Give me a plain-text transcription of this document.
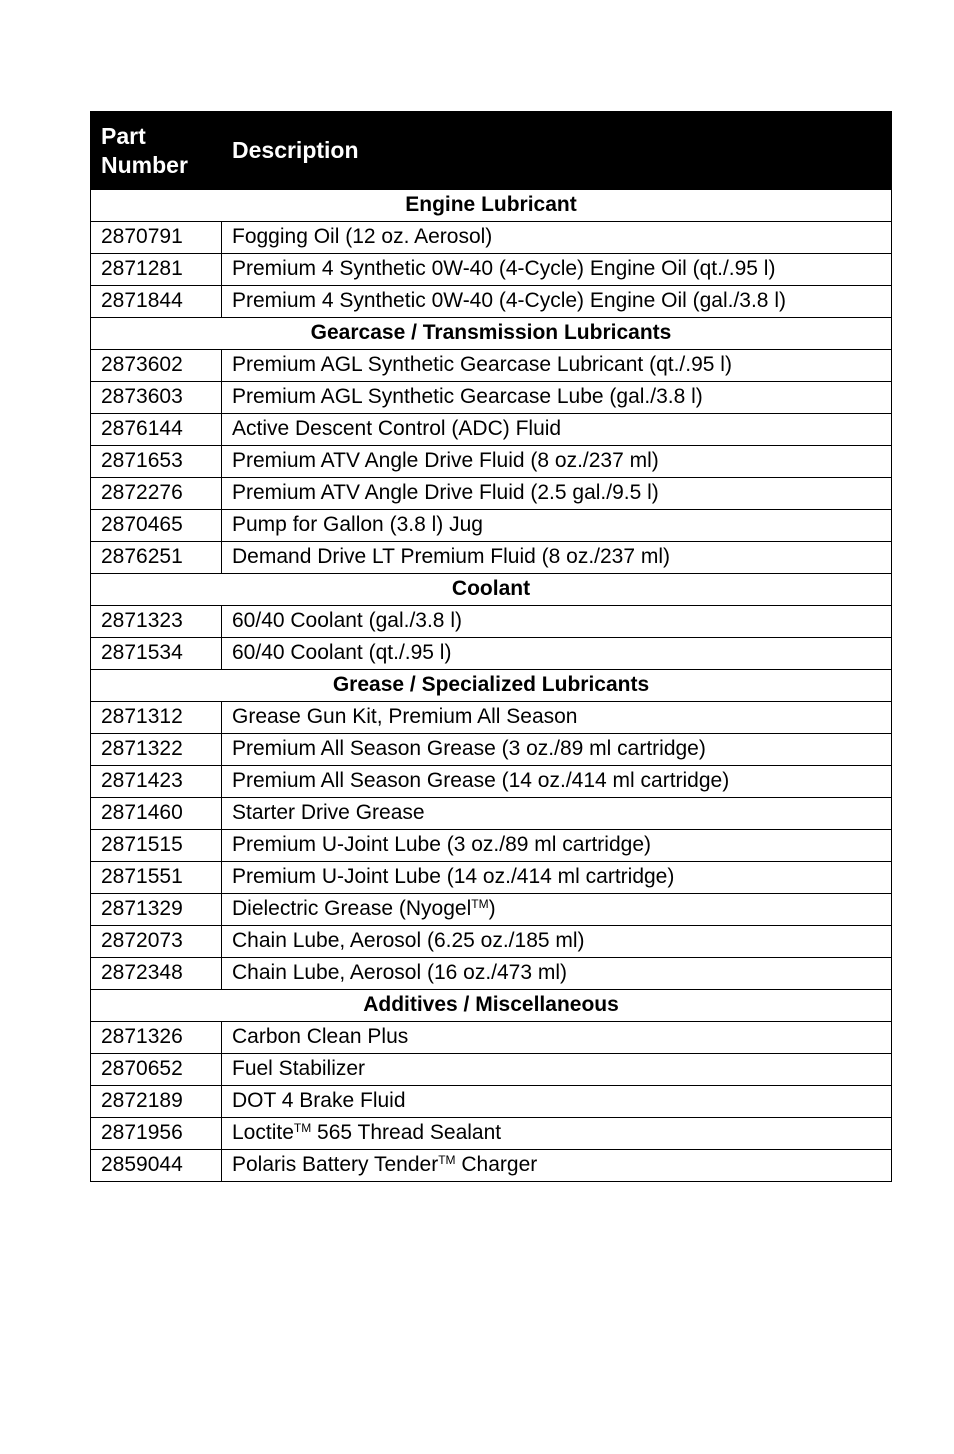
Part
Number	Description
Engine Lubricant	
2870791	Fogging Oil (12 oz. Aerosol)
2871281	Premium 4 Synthetic 0W-40 (4-Cycle) Engine Oil (qt./.95 l)
2871844	Premium 4 Synthetic 0W-40 (4-Cycle) Engine Oil (gal./3.8 l)
Gearcase / Transmission Lubricants	
2873602	Premium AGL Synthetic Gearcase Lubricant (qt./.95 l)
2873603	Premium AGL Synthetic Gearcase Lube (gal./3.8 l)
2876144	Active Descent Control (ADC) Fluid
2871653	Premium ATV Angle Drive Fluid (8 oz./237 ml)
2872276	Premium ATV Angle Drive Fluid (2.5 gal./9.5 l)
2870465	Pump for Gallon (3.8 l) Jug
2876251	Demand Drive LT Premium Fluid (8 oz./237 ml)
Coolant	
2871323	60/40 Coolant (gal./3.8 l)
2871534	60/40 Coolant (qt./.95 l)
Grease / Specialized Lubricants	
2871312	Grease Gun Kit, Premium All Season
2871322	Premium All Season Grease (3 oz./89 ml cartridge)
2871423	Premium All Season Grease (14 oz./414 ml cartridge)
2871460	Starter Drive Grease
2871515	Premium U-Joint Lube (3 oz./89 ml cartridge)
2871551	Premium U-Joint Lube (14 oz./414 ml cartridge)
2871329	Dielectric Grease (Nyogel™)
2872073	Chain Lube, Aerosol (6.25 oz./185 ml)
2872348	Chain Lube, Aerosol (16 oz./473 ml)
Additives / Miscellaneous	
2871326	Carbon Clean Plus
2870652	Fuel Stabilizer
2872189	DOT 4 Brake Fluid
2871956	Loctite™ 565 Thread Sealant
2859044	Polaris Battery Tender™ Charger
